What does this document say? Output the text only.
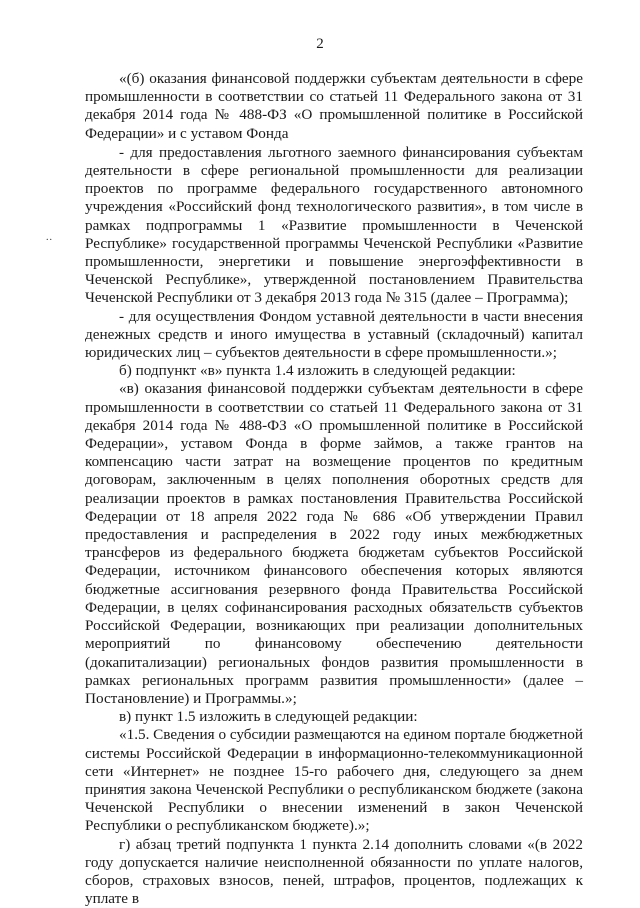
2
..

«(б) оказания финансовой поддержки субъектам деятельности в сфере промышленности в соответствии со статьей 11 Федерального закона от 31 декабря 2014 года № 488-ФЗ «О промышленной политике в Российской Федерации» и с уставом Фонда

- для предоставления льготного заемного финансирования субъектам деятельности в сфере региональной промышленности для реализации проектов по программе федерального государственного автономного учреждения «Российский фонд технологического развития», в том числе в рамках подпрограммы 1 «Развитие промышленности в Чеченской Республике» государственной программы Чеченской Республики «Развитие промышленности, энергетики и повышение энергоэффективности в Чеченской Республике», утвержденной постановлением Правительства Чеченской Республики от 3 декабря 2013 года № 315 (далее – Программа);

- для осуществления Фондом уставной деятельности в части внесения денежных средств и иного имущества в уставный (складочный) капитал юридических лиц – субъектов деятельности в сфере промышленности.»;

б) подпункт «в» пункта 1.4 изложить в следующей редакции:

«в) оказания финансовой поддержки субъектам деятельности в сфере промышленности в соответствии со статьей 11 Федерального закона от 31 декабря 2014 года № 488-ФЗ «О промышленной политике в Российской Федерации», уставом Фонда в форме займов, а также грантов на компенсацию части затрат на возмещение процентов по кредитным договорам, заключенным в целях пополнения оборотных средств для реализации проектов в рамках постановления Правительства Российской Федерации от 18 апреля 2022 года № 686 «Об утверждении Правил предоставления и распределения в 2022 году иных межбюджетных трансферов из федерального бюджета бюджетам субъектов Российской Федерации, источником финансового обеспечения которых являются бюджетные ассигнования резервного фонда Правительства Российской Федерации, в целях софинансирования расходных обязательств субъектов Российской Федерации, возникающих при реализации дополнительных мероприятий по финансовому обеспечению деятельности (докапитализации) региональных фондов развития промышленности в рамках региональных программ развития промышленности» (далее – Постановление) и Программы.»;

в) пункт 1.5 изложить в следующей редакции:

«1.5. Сведения о субсидии размещаются на едином портале бюджетной системы Российской Федерации в информационно-телекоммуникационной сети «Интернет» не позднее 15-го рабочего дня, следующего за днем принятия закона Чеченской Республики о республиканском бюджете (закона Чеченской Республики о внесении изменений в закон Чеченской Республики о республиканском бюджете).»;

г) абзац третий подпункта 1 пункта 2.14 дополнить словами «(в 2022 году допускается наличие неисполненной обязанности по уплате налогов, сборов, страховых взносов, пеней, штрафов, процентов, подлежащих к уплате в
